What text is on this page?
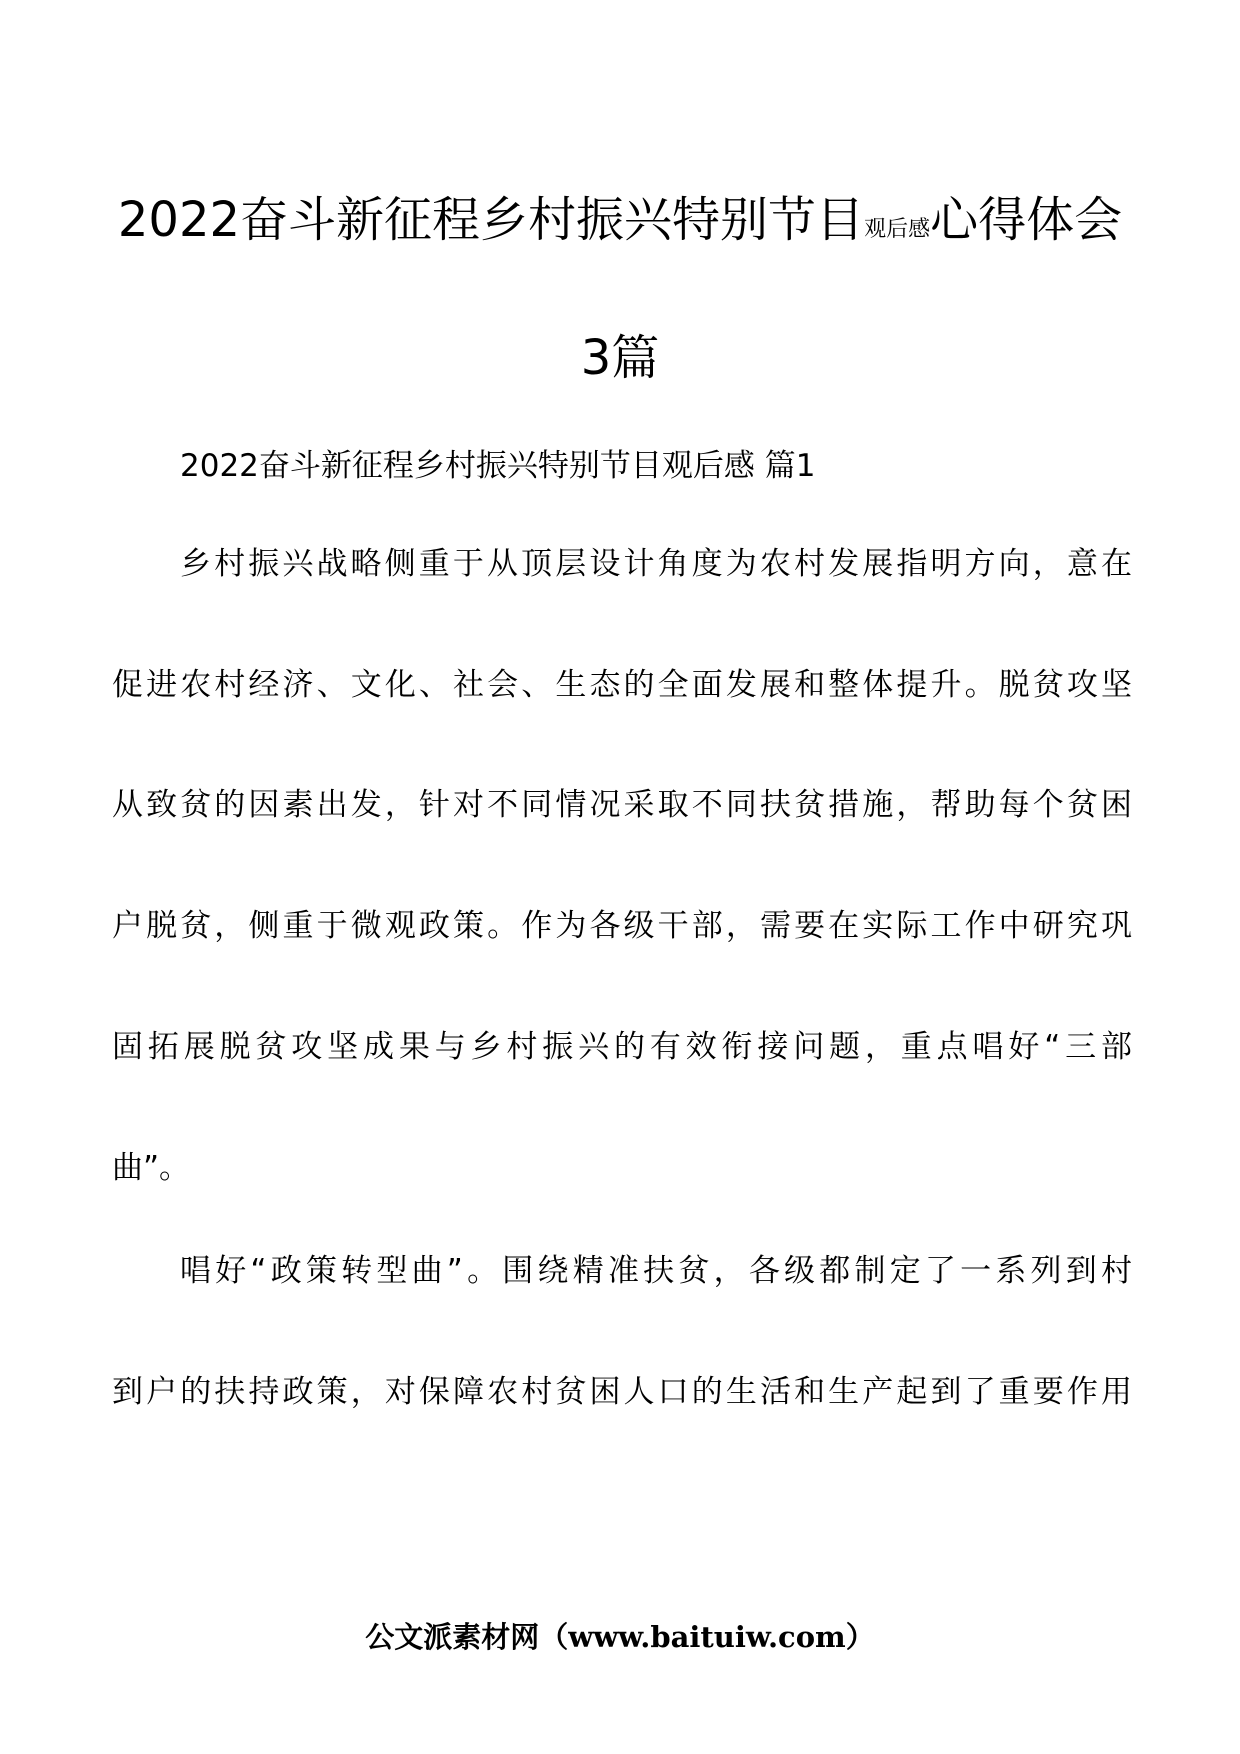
2022奋斗新征程乡村振兴特别节目观后感心得体会
3篇
2022奋斗新征程乡村振兴特别节目观后感 篇1
乡村振兴战略侧重于从顶层设计角度为农村发展指明方向，意在
促进农村经济、文化、社会、生态的全面发展和整体提升。脱贫攻坚
从致贫的因素出发，针对不同情况采取不同扶贫措施，帮助每个贫困
户脱贫，侧重于微观政策。作为各级干部，需要在实际工作中研究巩
固拓展脱贫攻坚成果与乡村振兴的有效衔接问题，重点唱好“三部
曲”。
唱好“政策转型曲”。围绕精准扶贫，各级都制定了一系列到村
到户的扶持政策，对保障农村贫困人口的生活和生产起到了重要作用
公文派素材网（www.baituiw.com）
